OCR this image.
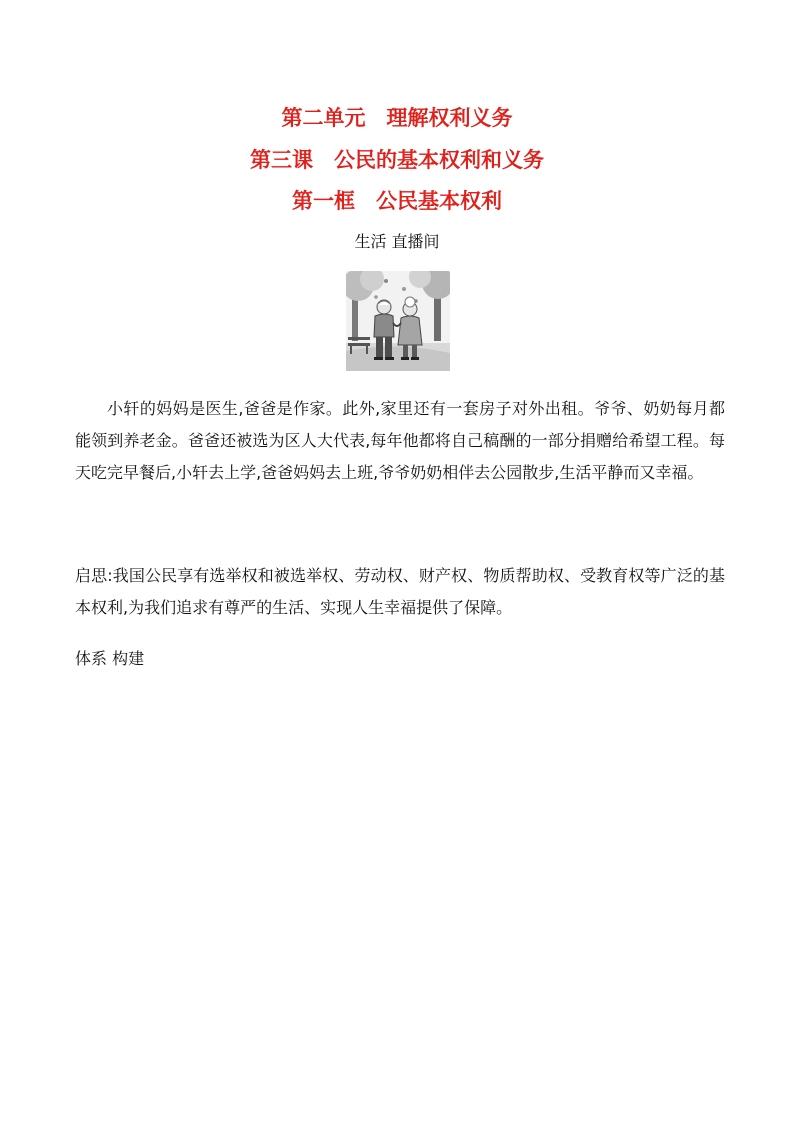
第二单元　理解权利义务
第三课　公民的基本权利和义务
第一框　公民基本权利
生活 直播间

小轩的妈妈是医生,爸爸是作家。此外,家里还有一套房子对外出租。爷爷、奶奶每月都能领到养老金。爸爸还被选为区人大代表,每年他都将自己稿酬的一部分捐赠给希望工程。每天吃完早餐后,小轩去上学,爸爸妈妈去上班,爷爷奶奶相伴去公园散步,生活平静而又幸福。

启思:我国公民享有选举权和被选举权、劳动权、财产权、物质帮助权、受教育权等广泛的基本权利,为我们追求有尊严的生活、实现人生幸福提供了保障。

体系 构建
